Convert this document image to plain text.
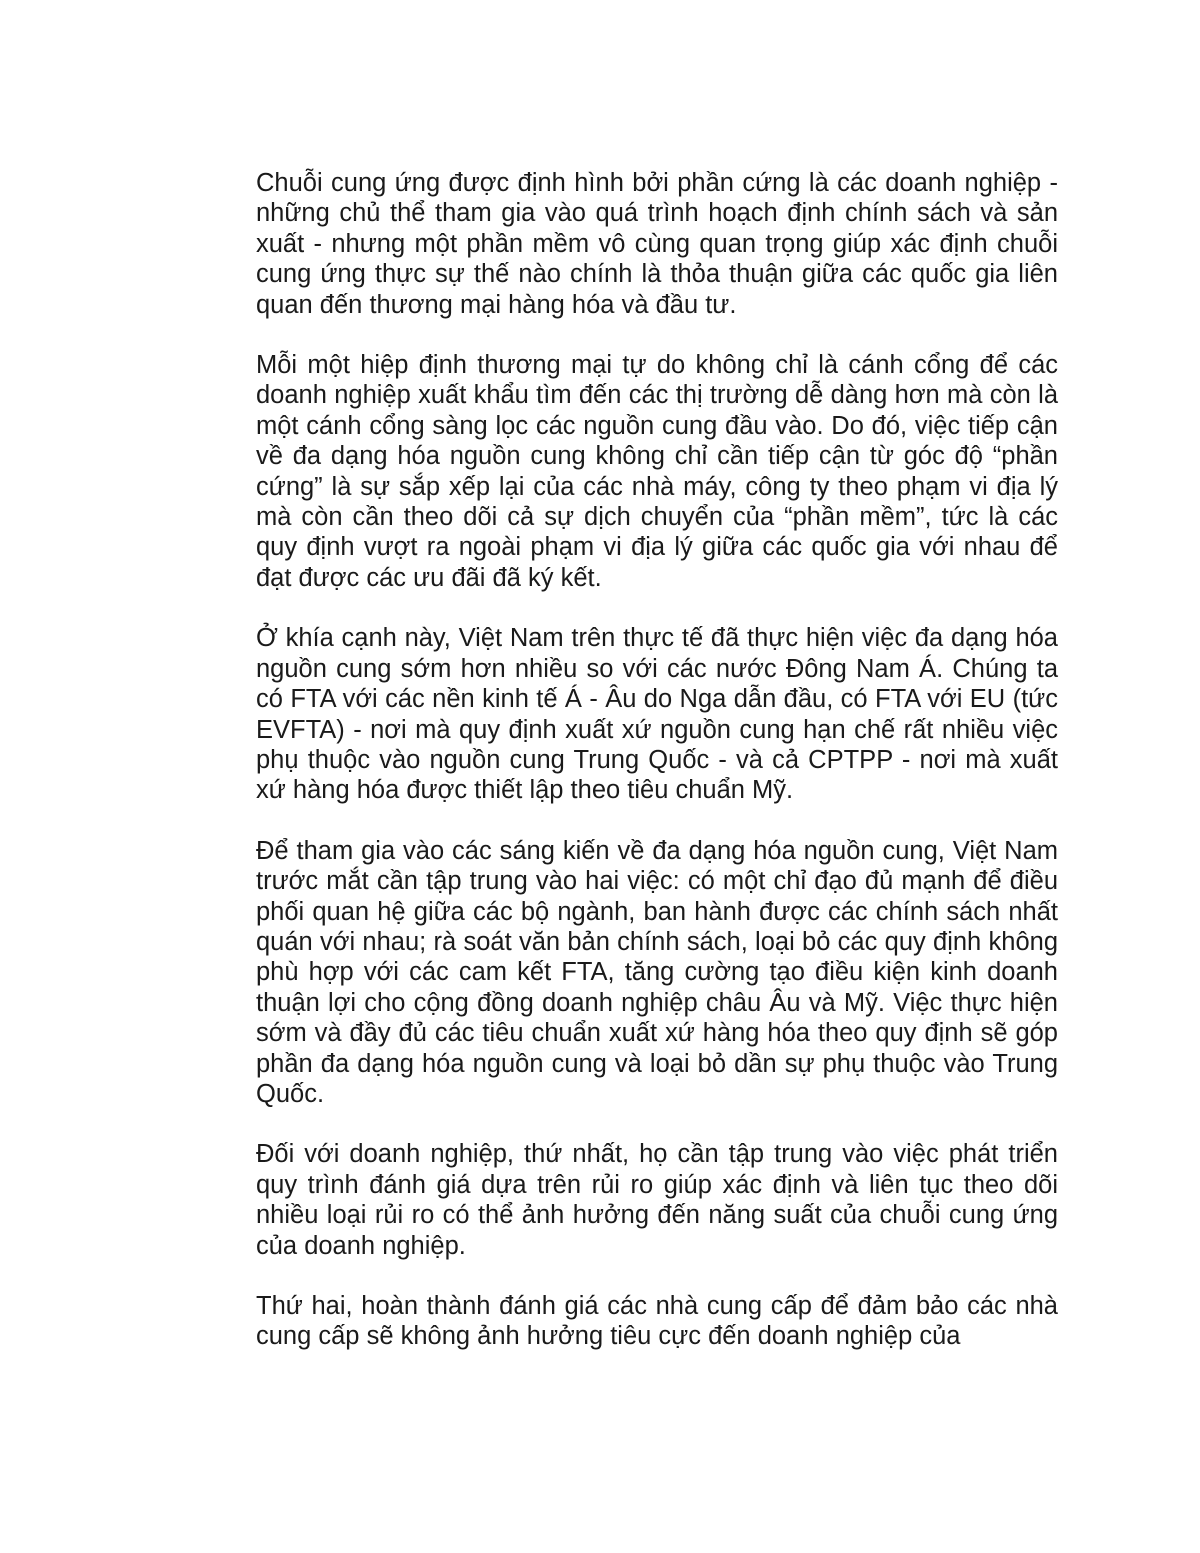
Chuỗi cung ứng được định hình bởi phần cứng là các doanh nghiệp - những chủ thể tham gia vào quá trình hoạch định chính sách và sản xuất - nhưng một phần mềm vô cùng quan trọng giúp xác định chuỗi cung ứng thực sự thế nào chính là thỏa thuận giữa các quốc gia liên quan đến thương mại hàng hóa và đầu tư.

Mỗi một hiệp định thương mại tự do không chỉ là cánh cổng để các doanh nghiệp xuất khẩu tìm đến các thị trường dễ dàng hơn mà còn là một cánh cổng sàng lọc các nguồn cung đầu vào. Do đó, việc tiếp cận về đa dạng hóa nguồn cung không chỉ cần tiếp cận từ góc độ “phần cứng” là sự sắp xếp lại của các nhà máy, công ty theo phạm vi địa lý mà còn cần theo dõi cả sự dịch chuyển của “phần mềm”, tức là các quy định vượt ra ngoài phạm vi địa lý giữa các quốc gia với nhau để đạt được các ưu đãi đã ký kết.

Ở khía cạnh này, Việt Nam trên thực tế đã thực hiện việc đa dạng hóa nguồn cung sớm hơn nhiều so với các nước Đông Nam Á. Chúng ta có FTA với các nền kinh tế Á - Âu do Nga dẫn đầu, có FTA với EU (tức EVFTA) - nơi mà quy định xuất xứ nguồn cung hạn chế rất nhiều việc phụ thuộc vào nguồn cung Trung Quốc - và cả CPTPP - nơi mà xuất xứ hàng hóa được thiết lập theo tiêu chuẩn Mỹ.

Để tham gia vào các sáng kiến về đa dạng hóa nguồn cung, Việt Nam trước mắt cần tập trung vào hai việc: có một chỉ đạo đủ mạnh để điều phối quan hệ giữa các bộ ngành, ban hành được các chính sách nhất quán với nhau; rà soát văn bản chính sách, loại bỏ các quy định không phù hợp với các cam kết FTA, tăng cường tạo điều kiện kinh doanh thuận lợi cho cộng đồng doanh nghiệp châu Âu và Mỹ. Việc thực hiện sớm và đầy đủ các tiêu chuẩn xuất xứ hàng hóa theo quy định sẽ góp phần đa dạng hóa nguồn cung và loại bỏ dần sự phụ thuộc vào Trung Quốc.

Đối với doanh nghiệp, thứ nhất, họ cần tập trung vào việc phát triển quy trình đánh giá dựa trên rủi ro giúp xác định và liên tục theo dõi nhiều loại rủi ro có thể ảnh hưởng đến năng suất của chuỗi cung ứng của doanh nghiệp.

Thứ hai, hoàn thành đánh giá các nhà cung cấp để đảm bảo các nhà cung cấp sẽ không ảnh hưởng tiêu cực đến doanh nghiệp của
